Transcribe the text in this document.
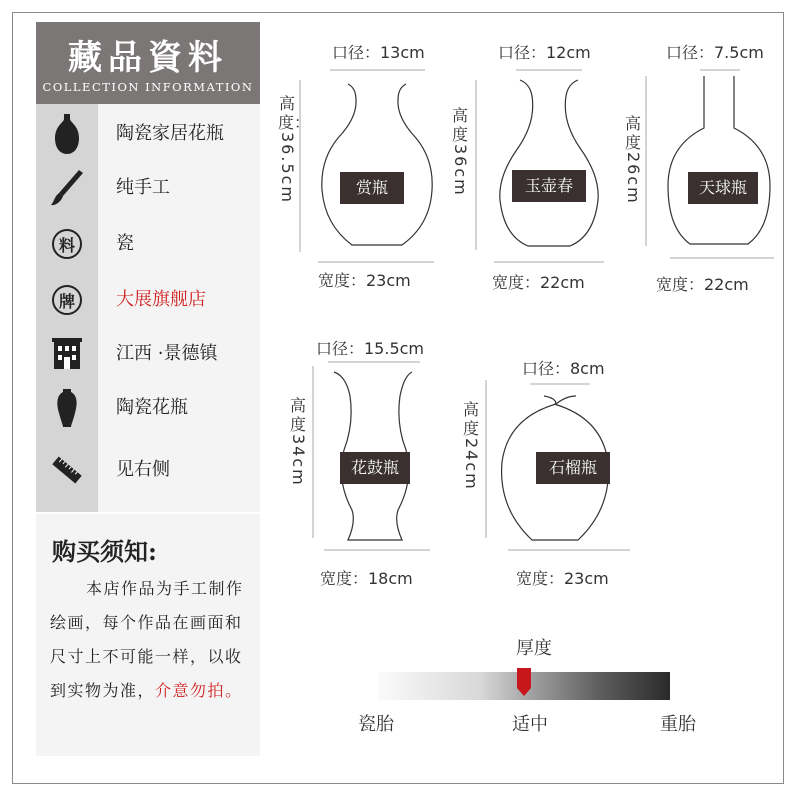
藏品資料
COLLECTION INFORMATION
陶瓷家居花瓶
纯手工
料	瓷
牌	大展旗舰店
江西 ·景德镇
陶瓷花瓶
见右侧
购买须知:
本店作品为手工制作绘画，每个作品在画面和尺寸上不可能一样，以收到实物为准，介意勿拍。
口径：13cm
高度：
36.5cm	赏瓶
宽度：23cm
口径：12cm
高度
36cm	玉壶春
宽度：22cm
口径：7.5cm
高度
26cm	天球瓶
宽度：22cm
口径：15.5cm
高度
34cm	花鼓瓶
宽度：18cm
口径：8cm
高度
24cm	石榴瓶
宽度：23cm
厚度
瓷胎	适中	重胎
